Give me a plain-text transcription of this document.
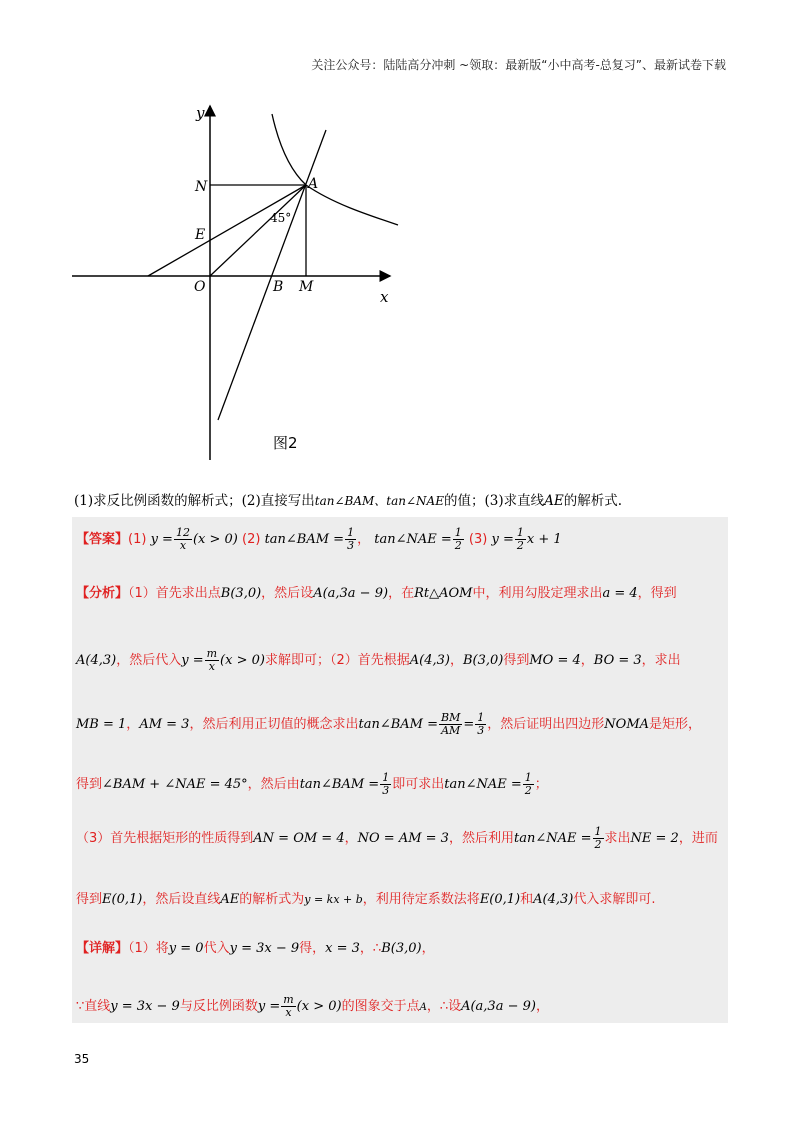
关注公众号：陆陆高分冲刺 ~领取：最新版“小中高考-总复习”、最新试卷下载
y
x
N	A
E
O	B M
45°
图2
(1)求反比例函数的解析式；(2)直接写出tan∠BAM、tan∠NAE的值；(3)求直线AE的解析式.
【答案】(1) $y = \frac{12}{x} (x > 0)$ (2) tan∠BAM = $\frac{1}{3}$ ， tan∠NAE = $\frac{1}{2} (3) y = \frac{1}{2}$ x + 1
【分析】（1）首先求出点B(3,0)，然后设A(a,3a − 9)，在Rt△AOM中，利用勾股定理求出a = 4，得到
A(4,3)，然后代入$y = \frac{m}{x} (x > 0)$求解即可；（2）首先根据A(4,3)，B(3,0)得到MO = 4，BO = 3，求出
MB = 1，AM = 3，然后利用正切值的概念求出tan∠BAM = $\frac{BM}{AM} = \frac{1}{3}$ ，然后证明出四边形NOMA是矩形，
得到∠BAM + ∠NAE = 45°，然后由tan∠BAM = $\frac{1}{3}$ 即可求出tan∠NAE = $\frac{1}{2}$ ；
（3）首先根据矩形的性质得到AN = OM = 4，NO = AM = 3，然后利用tan∠NAE = $\frac{1}{2}$ 求出NE = 2，进而
得到E(0,1)，然后设直线AE的解析式为y = kx + b，利用待定系数法将E(0,1)和A(4,3)代入求解即可.
【详解】（1）将y = 0代入y = 3x − 9得，x = 3，∴B(3,0)，
∵直线y = 3x − 9与反比例函数$y = \frac{m}{x} (x > 0)$的图象交于点A，∴设A(a,3a − 9)，
35
